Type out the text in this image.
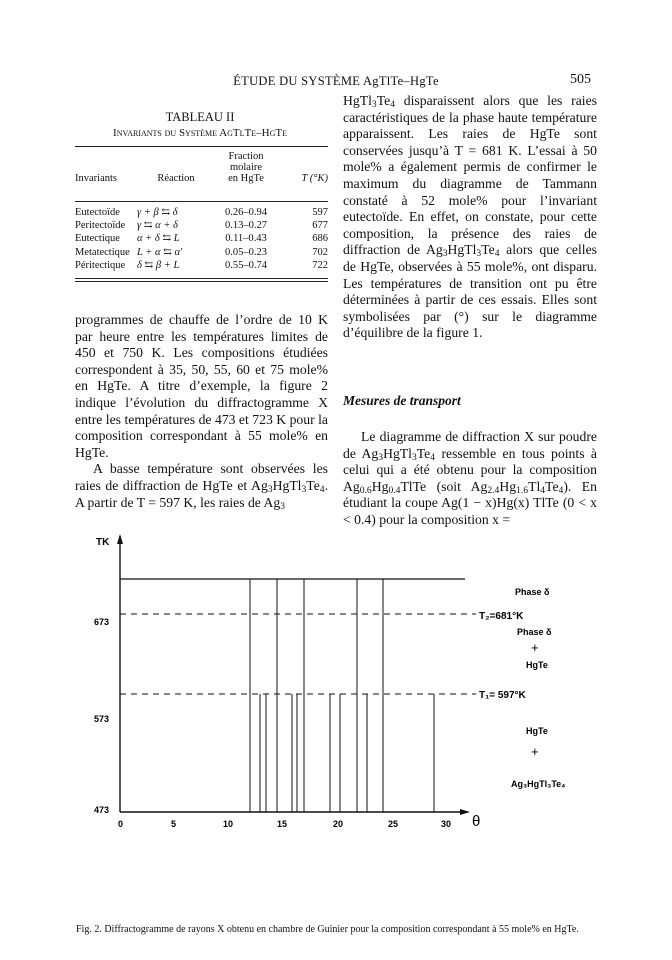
ÉTUDE DU SYSTÈME AgTlTe–HgTe	505
TABLEAU II
Invariants du Système AgTlTe–HgTe
		Fraction	
		molaire	
Invariants	Réaction	en HgTe	T (°K)
Eutectoïde	γ + β ⇆ δ	0.26–0.94	597
Peritectoïde	γ ⇆ α + δ	0.13–0.27	677
Eutectique	α + δ ⇆ L	0.11–0.43	686
Metatectique	L + α ⇆ α′	0.05–0.23	702
Péritectique	δ ⇆ β + L	0.55–0.74	722

programmes de chauffe de l’ordre de 10 K par heure entre les températures limites de 450 et 750 K. Les compositions étudiées correspondent à 35, 50, 55, 60 et 75 mole% en HgTe. A titre d’exemple, la figure 2 indique l’évolution du diffractogramme X entre les températures de 473 et 723 K pour la composition correspondant à 55 mole% en HgTe.

A basse température sont observées les raies de diffraction de HgTe et $Ag_3HgTl_3Te_4$. A partir de T = 597 K, les raies de $Ag_3$

$HgTl_3Te_4$ disparaissent alors que les raies caractéristiques de la phase haute température apparaissent. Les raies de HgTe sont conservées jusqu’à T = 681 K. L’essai à 50 mole% a également permis de confirmer le maximum du diagramme de Tammann constaté à 52 mole% pour l’invariant eutectoïde. En effet, on constate, pour cette composition, la présence des raies de diffraction de $Ag_3HgTl_3Te_4$ alors que celles de HgTe, observées à 55 mole%, ont disparu. Les températures de transition ont pu être déterminées à partir de ces essais. Elles sont symbolisées par (°) sur le diagramme d’équilibre de la figure 1.

Mesures de transport

Le diagramme de diffraction X sur poudre de $Ag_3HgTl_3Te_4$ ressemble en tous points à celui qui a été obtenu pour la composition $Ag_{0.6}Hg_{0.4}TlTe$ (soit $Ag_{2.4}Hg_{1.6}Tl_4Te_4$). En étudiant la coupe Ag(1 − x)Hg(x) TlTe (0 < x < 0.4) pour la composition x =

TK
θ
673
573
473
0	5	10	15	20	25	30
T₂=681°K
T₁= 597°K
Phase δ
Phase δ
+
HgTe
HgTe
+
Ag₃HgTl₃Te₄
Fig. 2. Diffractogramme de rayons X obtenu en chambre de Guinier pour la composition correspondant à 55 mole% en HgTe.
